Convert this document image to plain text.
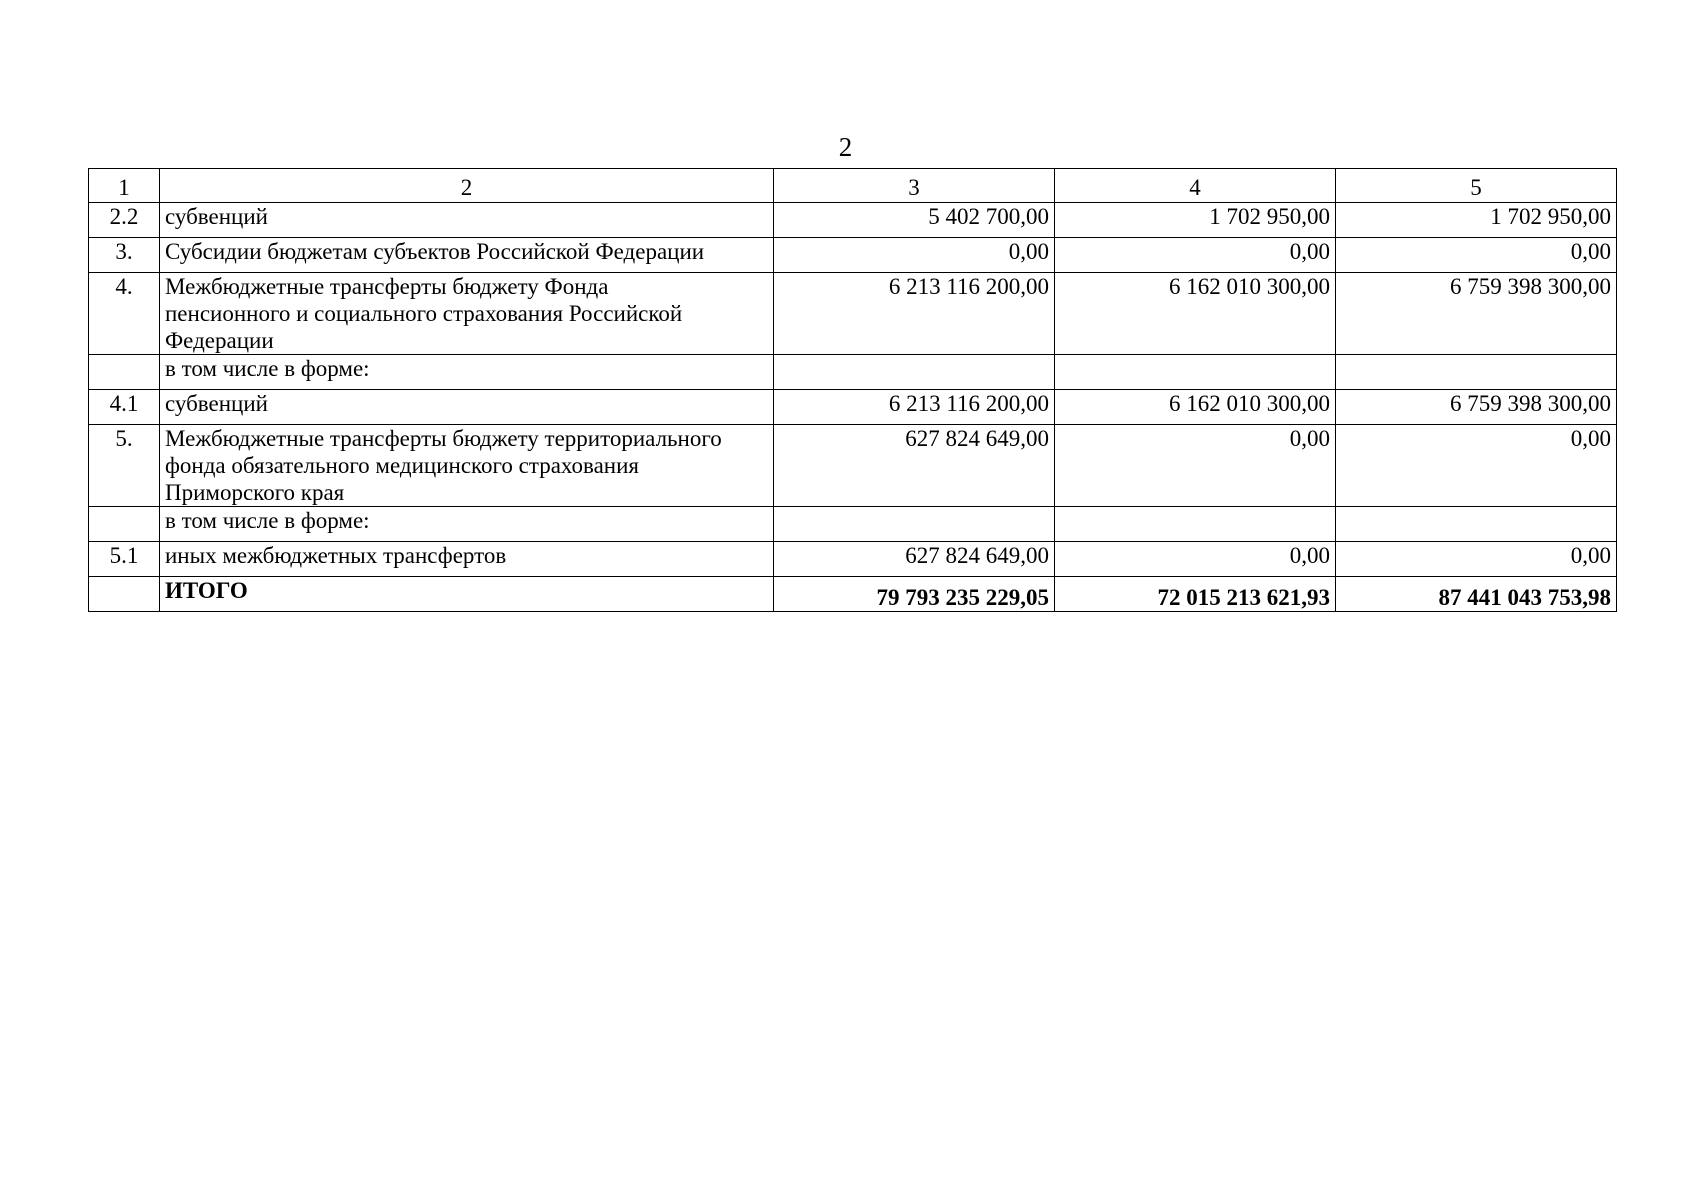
2
1	2	3	4	5
2.2	субвенций	5 402 700,00	1 702 950,00	1 702 950,00
3.	Субсидии бюджетам субъектов Российской Федерации	0,00	0,00	0,00
4.	Межбюджетные трансферты бюджету Фонда
пенсионного и социального страхования Российской
Федерации	6 213 116 200,00	6 162 010 300,00	6 759 398 300,00
	в том числе в форме:			
4.1	субвенций	6 213 116 200,00	6 162 010 300,00	6 759 398 300,00
5.	Межбюджетные трансферты бюджету территориального
фонда обязательного медицинского страхования
Приморского края	627 824 649,00	0,00	0,00
	в том числе в форме:			
5.1	иных межбюджетных трансфертов	627 824 649,00	0,00	0,00
	ИТОГО	79 793 235 229,05	72 015 213 621,93	87 441 043 753,98
